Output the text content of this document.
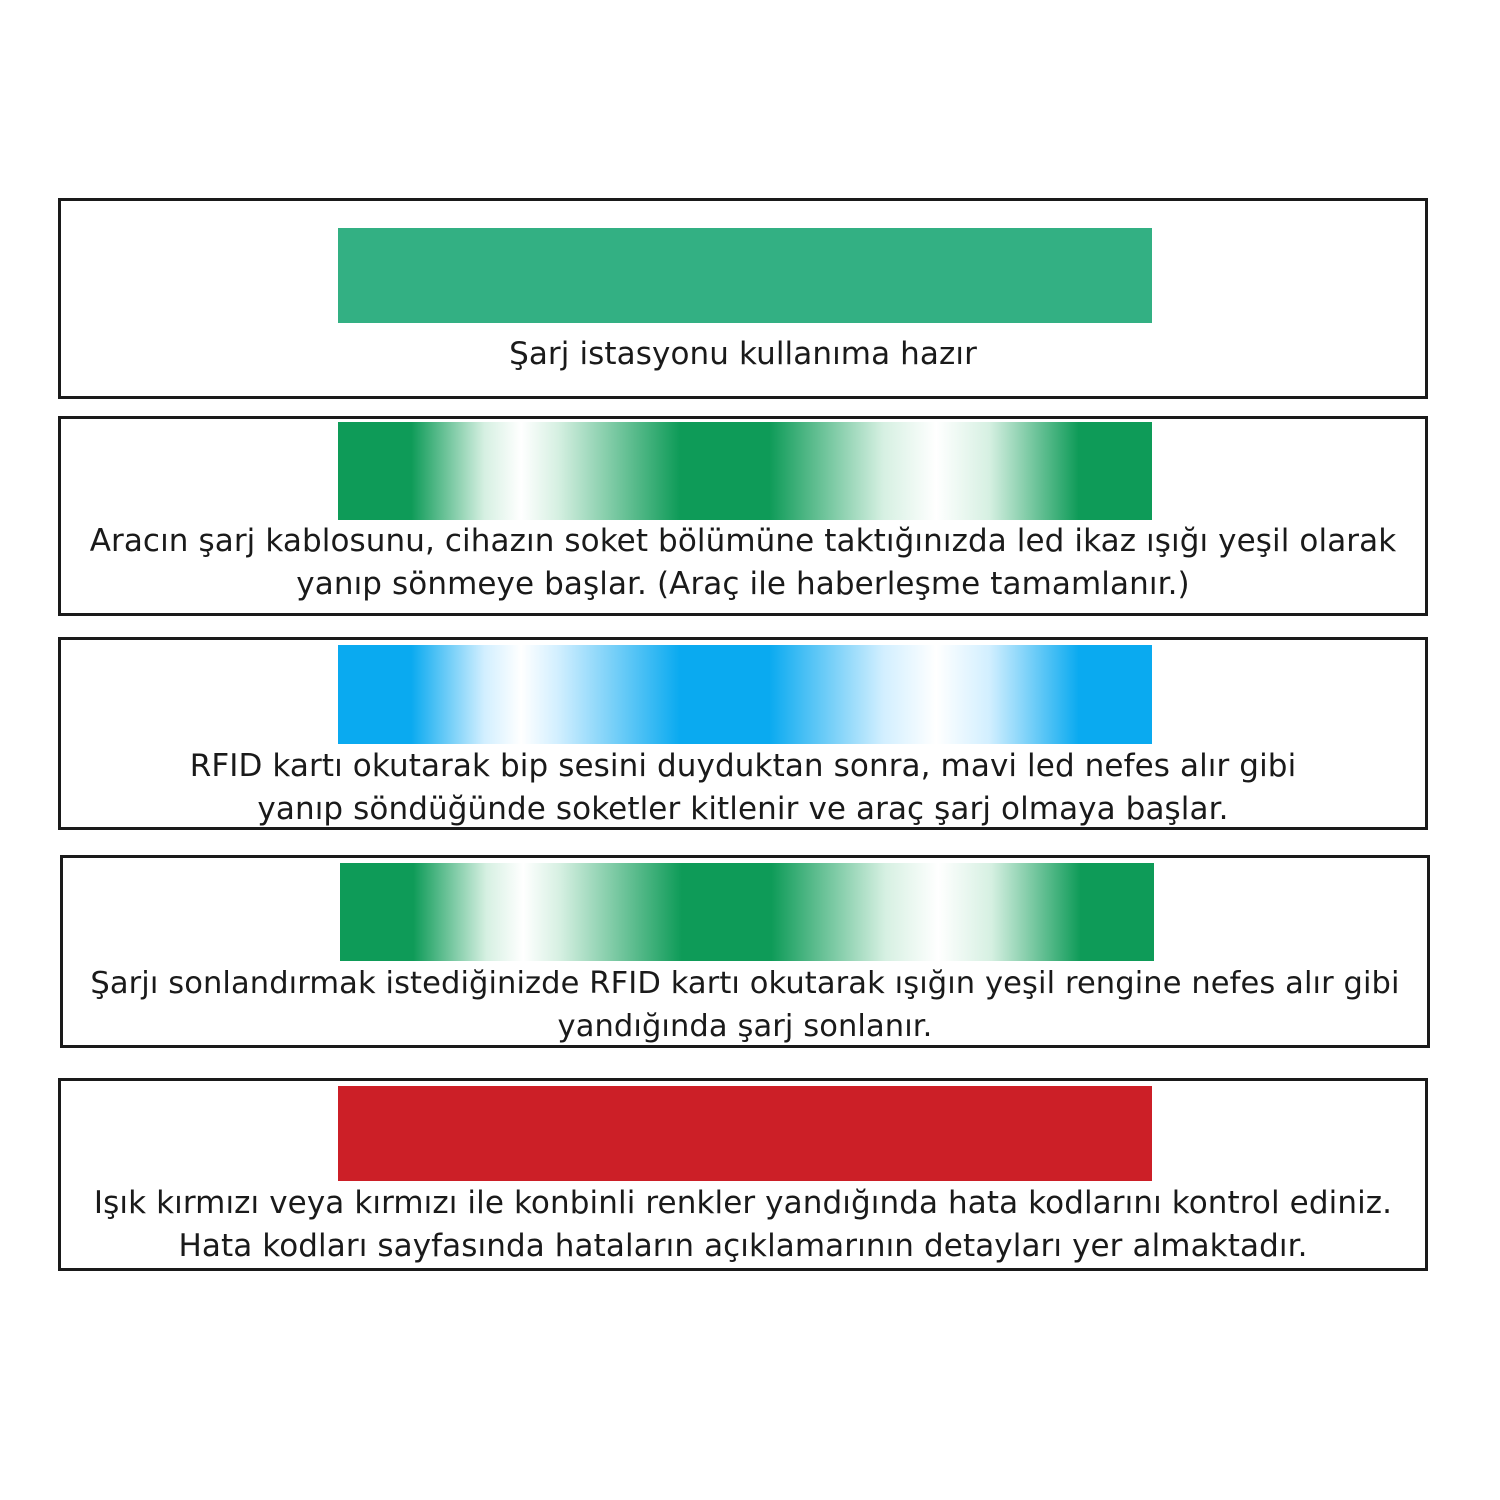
Şarj istasyonu kullanıma hazır
Aracın şarj kablosunu, cihazın soket bölümüne taktığınızda led ikaz ışığı yeşil olarak
yanıp sönmeye başlar. (Araç ile haberleşme tamamlanır.)
RFID kartı okutarak bip sesini duyduktan sonra, mavi led nefes alır gibi
yanıp söndüğünde soketler kitlenir ve araç şarj olmaya başlar.
Şarjı sonlandırmak istediğinizde RFID kartı okutarak ışığın yeşil rengine nefes alır gibi
yandığında şarj sonlanır.
Işık kırmızı veya kırmızı ile konbinli renkler yandığında hata kodlarını kontrol ediniz.
Hata kodları sayfasında hataların açıklamarının detayları yer almaktadır.
